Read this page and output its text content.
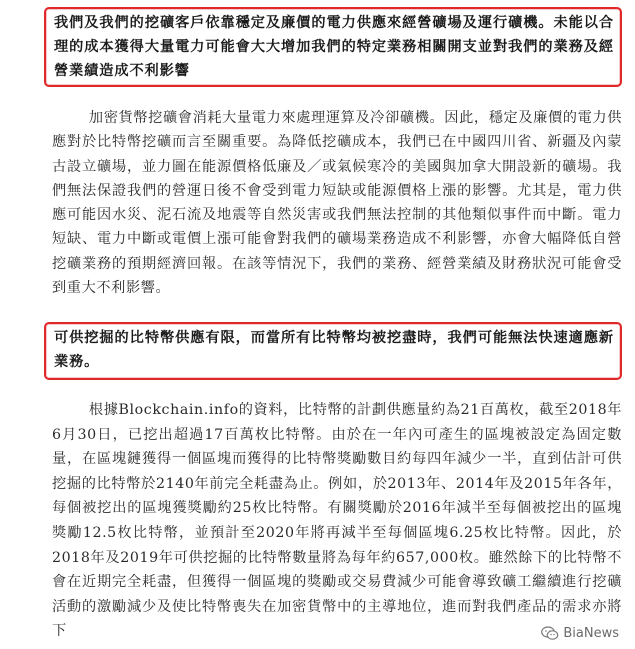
我們及我們的挖礦客戶依靠穩定及廉價的電力供應來經營礦場及運行礦機。未能以合理的成本獲得大量電力可能會大大增加我們的特定業務相關開支並對我們的業務及經營業績造成不利影響

加密貨幣挖礦會消耗大量電力來處理運算及冷卻礦機。因此，穩定及廉價的電力供應對於比特幣挖礦而言至關重要。為降低挖礦成本，我們已在中國四川省、新疆及內蒙古設立礦場，並力圖在能源價格低廉及／或氣候寒冷的美國與加拿大開設新的礦場。我們無法保證我們的營運日後不會受到電力短缺或能源價格上漲的影響。尤其是，電力供應可能因水災、泥石流及地震等自然災害或我們無法控制的其他類似事件而中斷。電力短缺、電力中斷或電價上漲可能會對我們的礦場業務造成不利影響，亦會大幅降低自營挖礦業務的預期經濟回報。在該等情況下，我們的業務、經營業績及財務狀況可能會受到重大不利影響。

可供挖掘的比特幣供應有限，而當所有比特幣均被挖盡時，我們可能無法快速適應新業務。

根據Blockchain.info的資料，比特幣的計劃供應量約為21百萬枚，截至2018年6月30日，已挖出超過17百萬枚比特幣。由於在一年內可產生的區塊被設定為固定數量，在區塊鏈獲得一個區塊而獲得的比特幣獎勵數目約每四年減少一半，直到估計可供挖掘的比特幣於2140年前完全耗盡為止。例如，於2013年、2014年及2015年各年，每個被挖出的區塊獲獎勵約25枚比特幣。有關獎勵於2016年減半至每個被挖出的區塊獎勵12.5枚比特幣，並預計至2020年將再減半至每個區塊6.25枚比特幣。因此，於2018年及2019年可供挖掘的比特幣數量將為每年約657,000枚。雖然餘下的比特幣不會在近期完全耗盡，但獲得一個區塊的獎勵或交易費減少可能會導致礦工繼續進行挖礦活動的激勵減少及使比特幣喪失在加密貨幣中的主導地位，進而對我們產品的需求亦將下	BiaNews
